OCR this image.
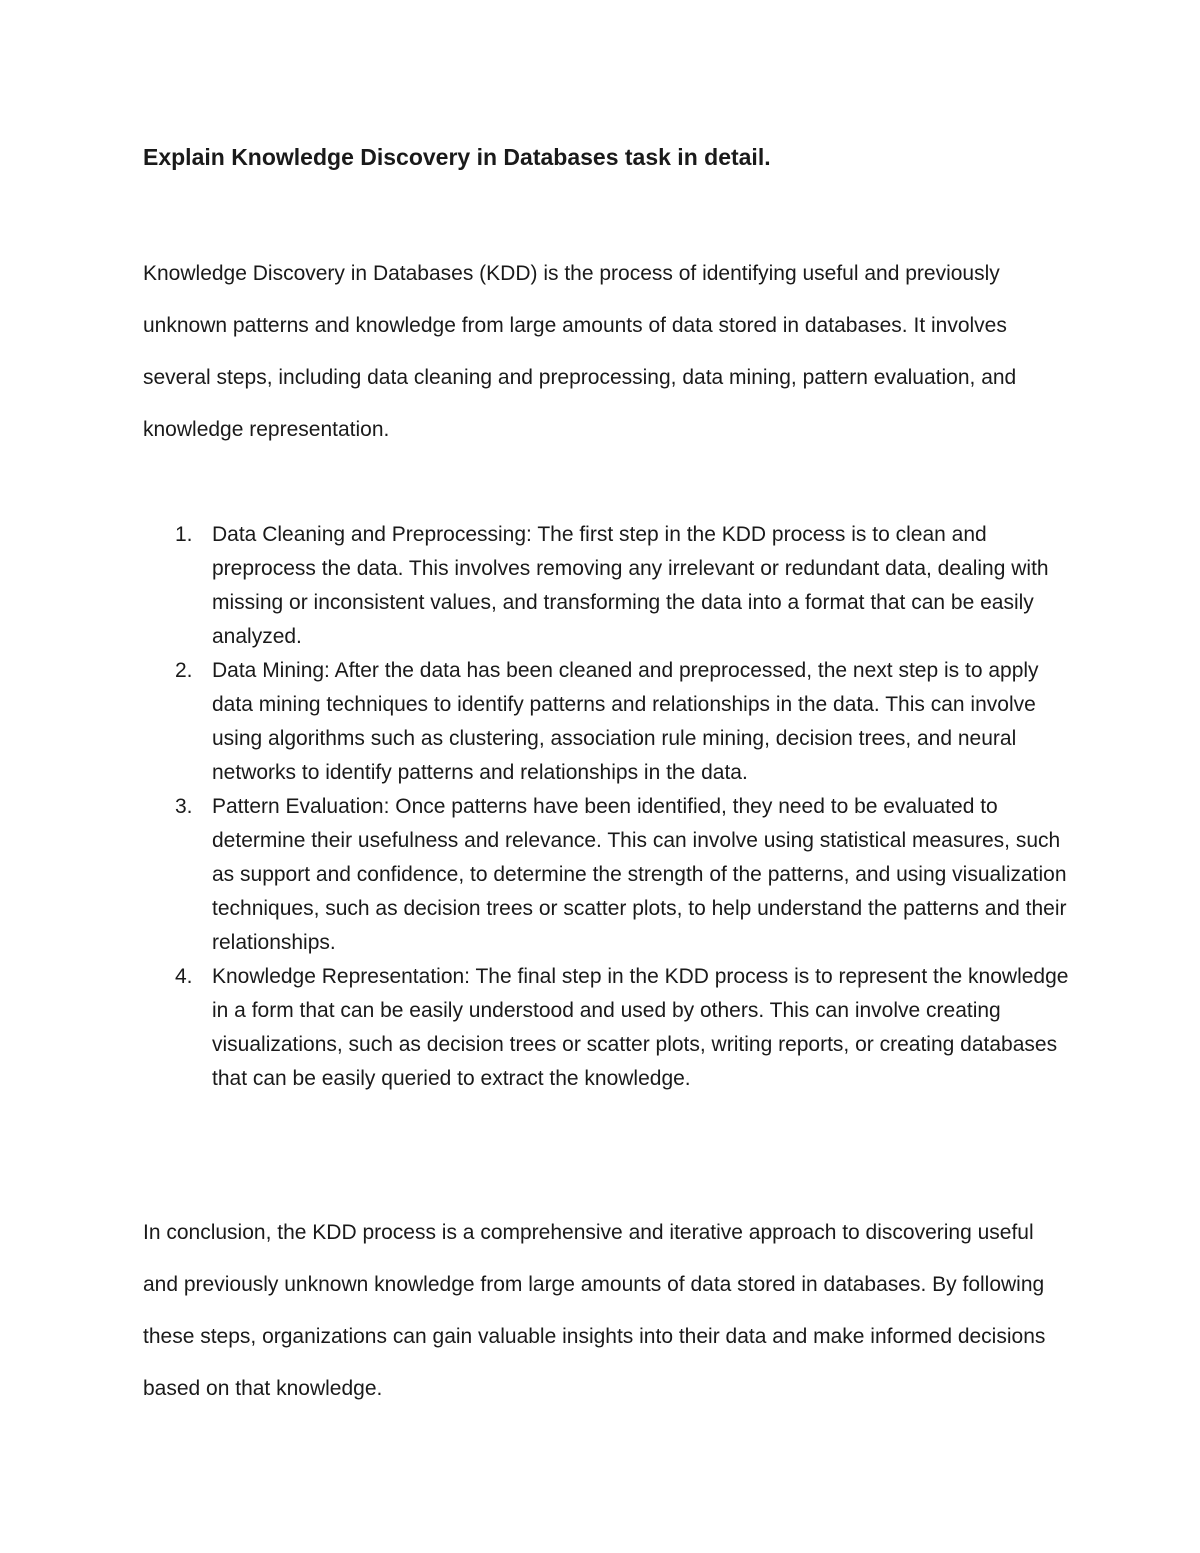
Explain Knowledge Discovery in Databases task in detail.

Knowledge Discovery in Databases (KDD) is the process of identifying useful and previously unknown patterns and knowledge from large amounts of data stored in databases. It involves several steps, including data cleaning and preprocessing, data mining, pattern evaluation, and knowledge representation.

1. Data Cleaning and Preprocessing: The first step in the KDD process is to clean and preprocess the data. This involves removing any irrelevant or redundant data, dealing with missing or inconsistent values, and transforming the data into a format that can be easily analyzed.
2. Data Mining: After the data has been cleaned and preprocessed, the next step is to apply data mining techniques to identify patterns and relationships in the data. This can involve using algorithms such as clustering, association rule mining, decision trees, and neural networks to identify patterns and relationships in the data.
3. Pattern Evaluation: Once patterns have been identified, they need to be evaluated to determine their usefulness and relevance. This can involve using statistical measures, such as support and confidence, to determine the strength of the patterns, and using visualization techniques, such as decision trees or scatter plots, to help understand the patterns and their relationships.
4. Knowledge Representation: The final step in the KDD process is to represent the knowledge in a form that can be easily understood and used by others. This can involve creating visualizations, such as decision trees or scatter plots, writing reports, or creating databases that can be easily queried to extract the knowledge.

In conclusion, the KDD process is a comprehensive and iterative approach to discovering useful and previously unknown knowledge from large amounts of data stored in databases. By following these steps, organizations can gain valuable insights into their data and make informed decisions based on that knowledge.
